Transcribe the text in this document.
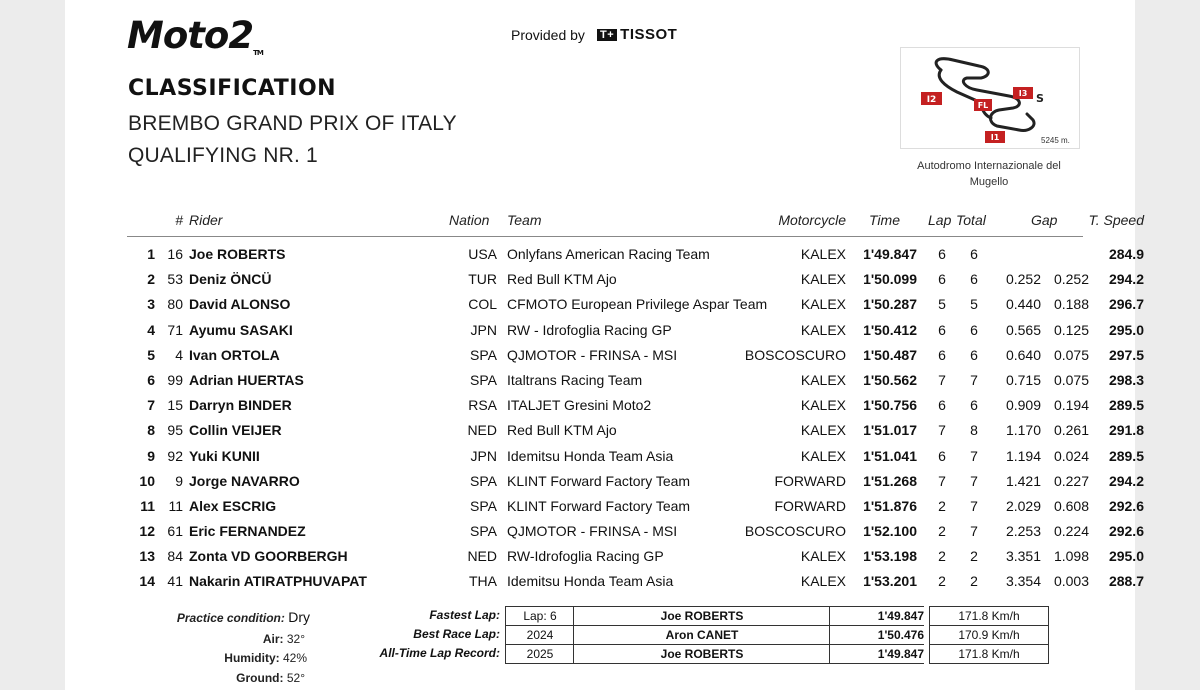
Moto2TM
Provided by T+ TISSOT
CLASSIFICATION
BREMBO GRAND PRIX OF ITALY
QUALIFYING NR. 1
I2
FL
I3 S
I1	5245 m.
Autodromo Internazionale del Mugello
# Rider	Nation Team	Motorcycle Time Lap Total	Gap	T. Speed
1 16 Joe ROBERTS	USA Onlyfans American Racing Team	KALEX	1'49.847 6 6	284.9
2 53 Deniz ÖNCÜ	TUR Red Bull KTM Ajo	KALEX	1'50.099 6 6	0.252 0.252	294.2
3 80 David ALONSO	COL CFMOTO European Privilege Aspar Team	KALEX	1'50.287 5 5	0.440 0.188	296.7
4 71 Ayumu SASAKI	JPN RW - Idrofoglia Racing GP	KALEX	1'50.412 6 6	0.565 0.125	295.0
5	4 Ivan ORTOLA	SPA QJMOTOR - FRINSA - MSI	BOSCOSCURO	1'50.487 6 6	0.640 0.075	297.5
6 99 Adrian HUERTAS	SPA Italtrans Racing Team	KALEX	1'50.562 7 7	0.715 0.075	298.3
7 15 Darryn BINDER	RSA ITALJET Gresini Moto2	KALEX	1'50.756 6 6	0.909 0.194	289.5
8 95 Collin VEIJER	NED Red Bull KTM Ajo	KALEX	1'51.017 7 8	1.170 0.261	291.8
9 92 Yuki KUNII	JPN Idemitsu Honda Team Asia	KALEX	1'51.041 6 7	1.194 0.024	289.5
10	9 Jorge NAVARRO	SPA KLINT Forward Factory Team	FORWARD	1'51.268 7 7	1.421 0.227	294.2
11 11 Alex ESCRIG	SPA KLINT Forward Factory Team	FORWARD	1'51.876 2 7	2.029 0.608	292.6
12 61 Eric FERNANDEZ	SPA QJMOTOR - FRINSA - MSI	BOSCOSCURO	1'52.100 2 7	2.253 0.224	292.6
13 84 Zonta VD GOORBERGH	NED RW-Idrofoglia Racing GP	KALEX	1'53.198 2 2	3.351 1.098	295.0
14 41 Nakarin ATIRATPHUVAPAT	THA Idemitsu Honda Team Asia	KALEX	1'53.201 2 2	3.354 0.003	288.7
Practice condition: Dry
Air: 32°
Humidity: 42%
Ground: 52°
Fastest Lap:	Lap: 6	Joe ROBERTS	1'49.847	171.8 Km/h
Best Race Lap:	2024	Aron CANET	1'50.476	170.9 Km/h
All-Time Lap Record:	2025	Joe ROBERTS	1'49.847	171.8 Km/h
